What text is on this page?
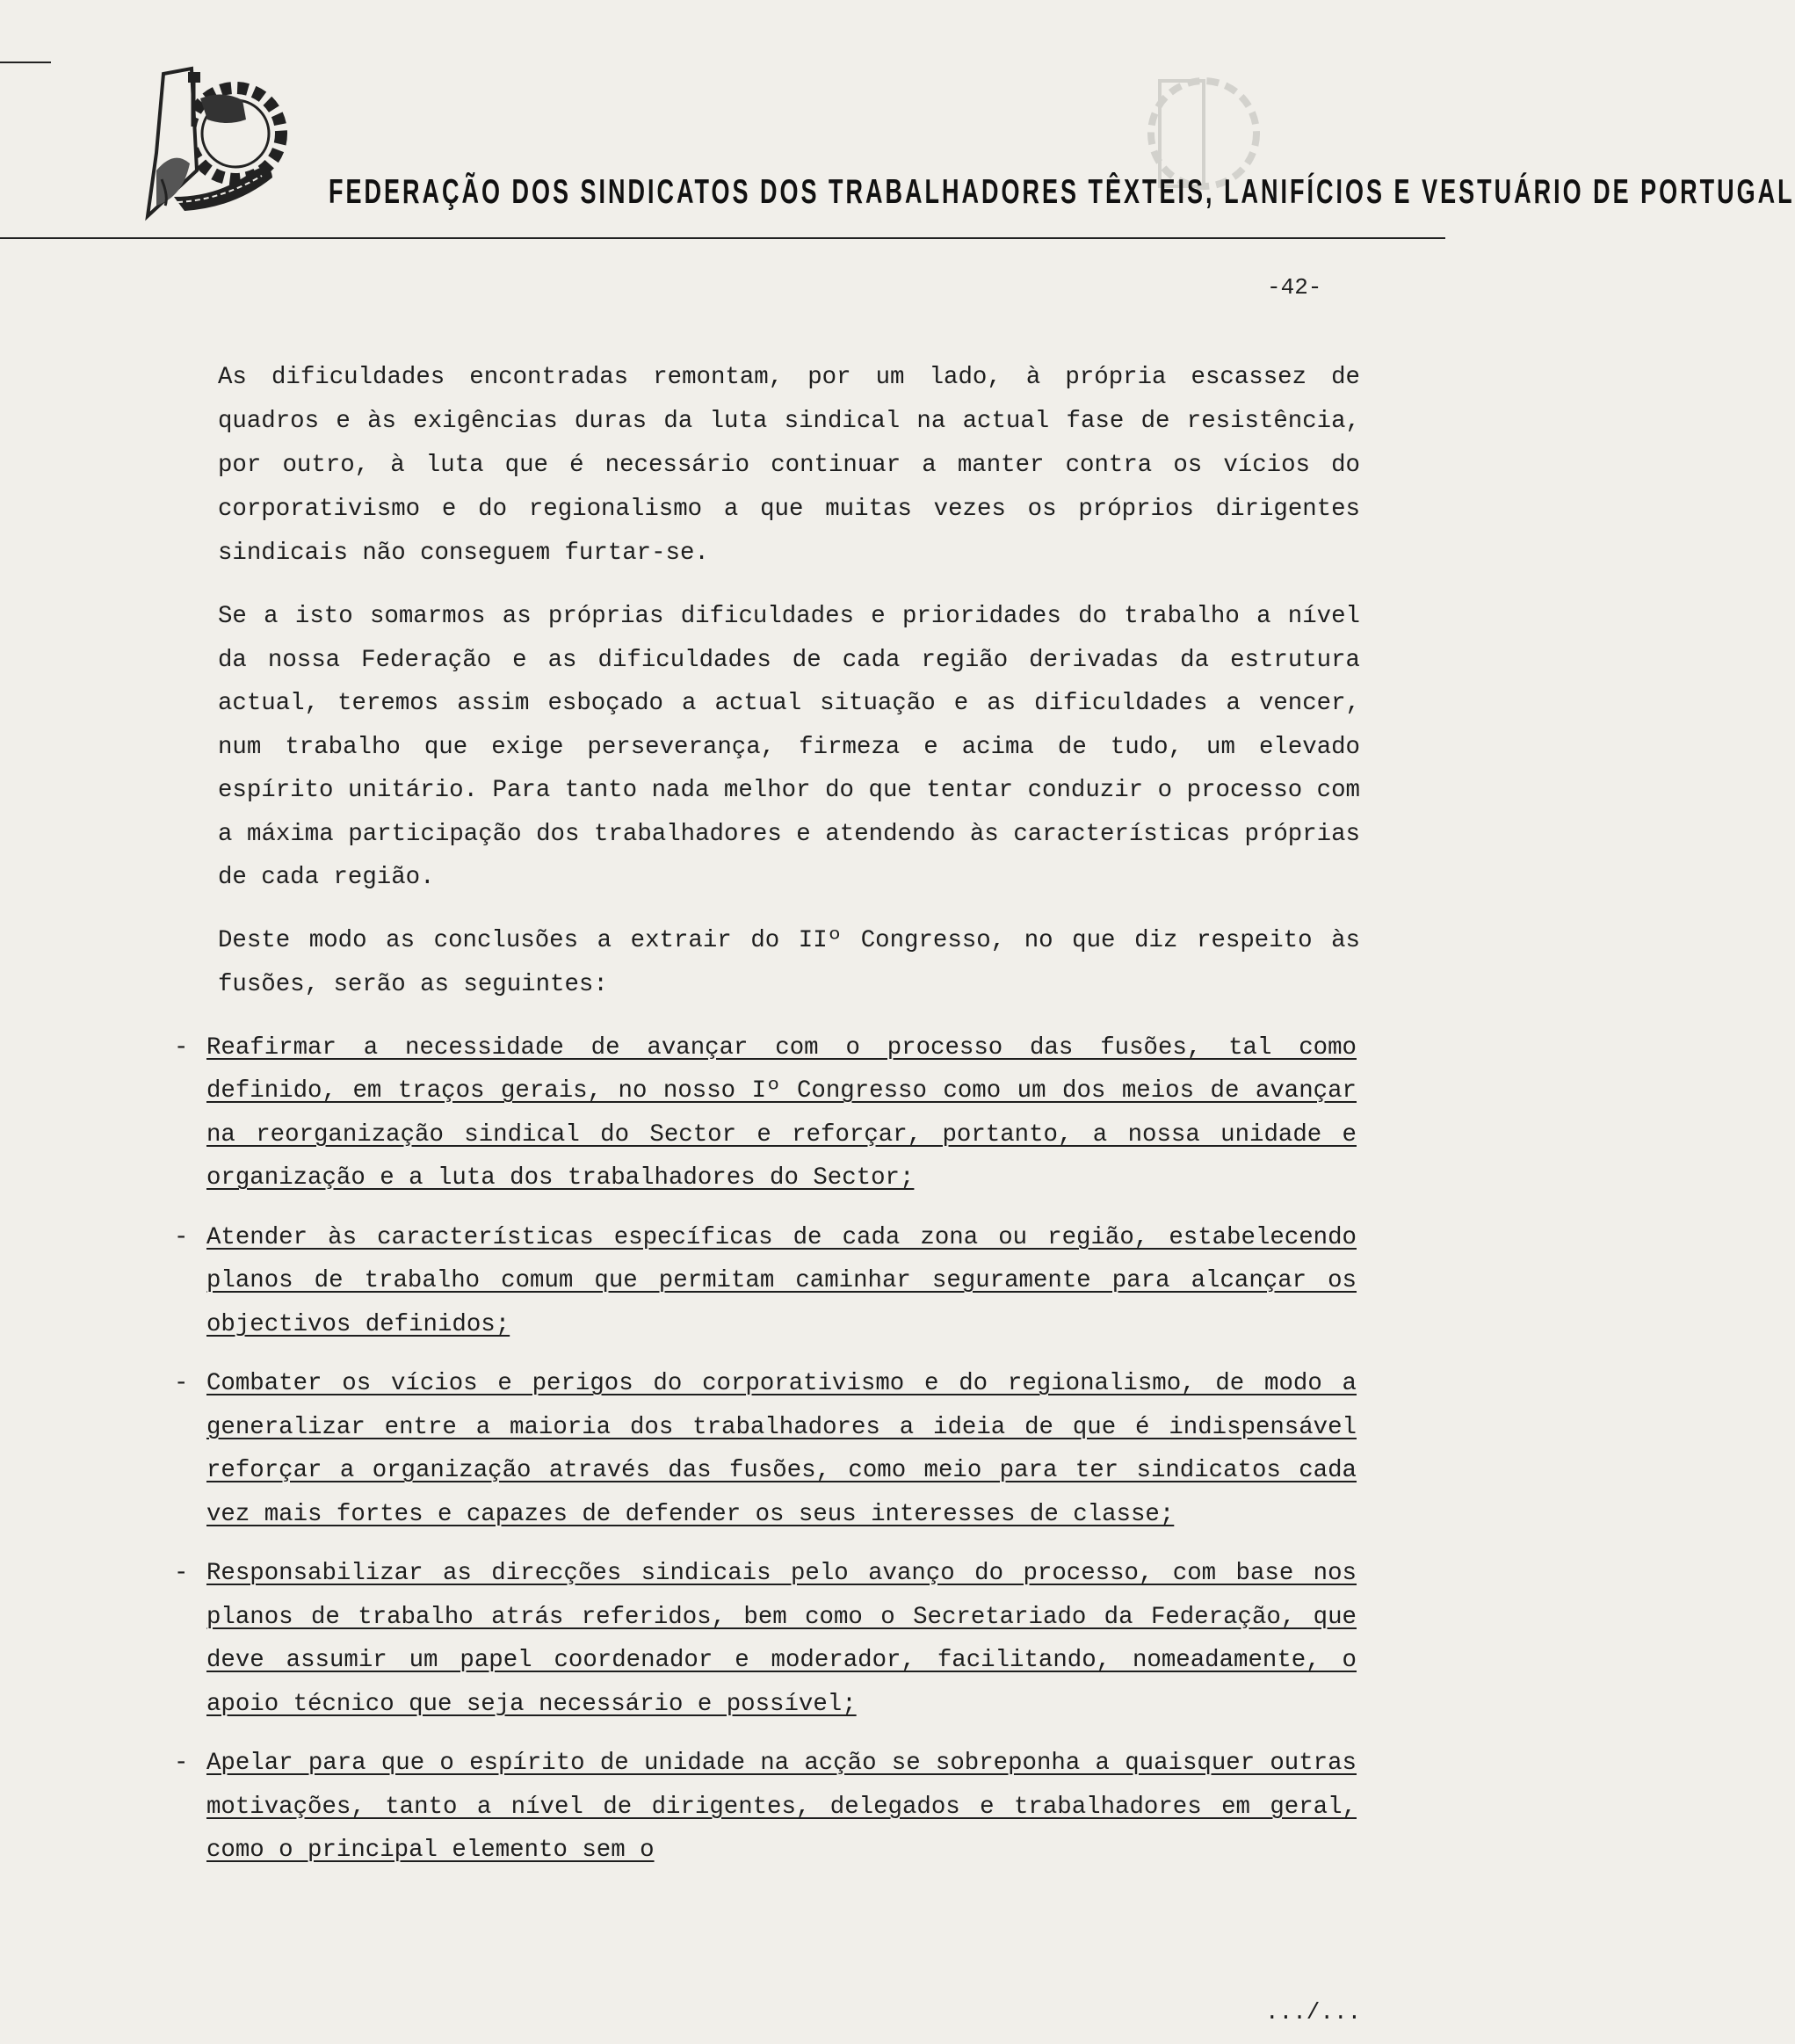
FEDERAÇÃO DOS SINDICATOS DOS TRABALHADORES TÊXTEIS, LANIFÍCIOS E VESTUÁRIO DE PORTUGAL
-42-

As dificuldades encontradas remontam, por um lado, à própria escassez de quadros e às exigências duras da luta sindical na actual fase de resistência, por outro, à luta que é necessário continuar a manter contra os vícios do corporativismo e do regionalismo a que muitas vezes os próprios dirigentes sindicais não conseguem furtar-se.

Se a isto somarmos as próprias dificuldades e prioridades do trabalho a nível da nossa Federação e as dificuldades de cada região derivadas da estrutura actual, teremos assim esboçado a actual situação e as dificuldades a vencer, num trabalho que exige perseverança, firmeza e acima de tudo, um elevado espírito unitário. Para tanto nada melhor do que tentar conduzir o processo com a máxima participação dos trabalhadores e atendendo às características próprias de cada região.

Deste modo as conclusões a extrair do IIº Congresso, no que diz respeito às fusões, serão as seguintes:

- Reafirmar a necessidade de avançar com o processo das fusões, tal como definido, em traços gerais, no nosso Iº Congresso como um dos meios de avançar na reorganização sindical do Sector e reforçar, portanto, a nossa unidade e organização e a luta dos trabalhadores do Sector;
- Atender às características específicas de cada zona ou região, estabelecendo planos de trabalho comum que permitam caminhar seguramente para alcançar os objectivos definidos;
- Combater os vícios e perigos do corporativismo e do regionalismo, de modo a generalizar entre a maioria dos trabalhadores a ideia de que é indispensável reforçar a organização através das fusões, como meio para ter sindicatos cada vez mais fortes e capazes de defender os seus interesses de classe;
- Responsabilizar as direcções sindicais pelo avanço do processo, com base nos planos de trabalho atrás referidos, bem como o Secretariado da Federação, que deve assumir um papel coordenador e moderador, facilitando, nomeadamente, o apoio técnico que seja necessário e possível;
- Apelar para que o espírito de unidade na acção se sobreponha a quaisquer outras motivações, tanto a nível de dirigentes, delegados e trabalhadores em geral, como o principal elemento sem o
.../...
